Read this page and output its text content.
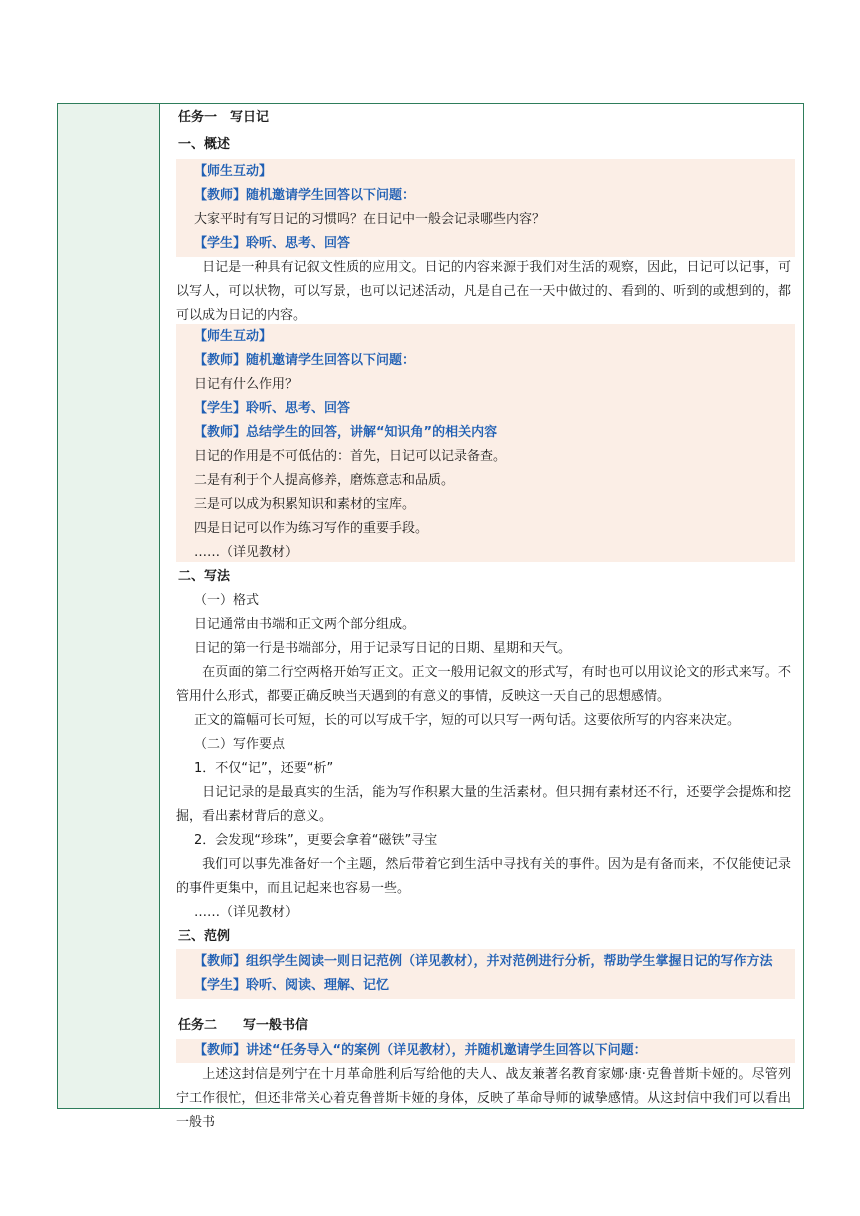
任务一　写日记
一、概述
【师生互动】
【教师】随机邀请学生回答以下问题：
大家平时有写日记的习惯吗？在日记中一般会记录哪些内容？
【学生】聆听、思考、回答
日记是一种具有记叙文性质的应用文。日记的内容来源于我们对生活的观察，因此，日记可以记事，可以写人，可以状物，可以写景，也可以记述活动，凡是自己在一天中做过的、看到的、听到的或想到的，都可以成为日记的内容。
【师生互动】
【教师】随机邀请学生回答以下问题：
日记有什么作用？
【学生】聆听、思考、回答
【教师】总结学生的回答，讲解“知识角”的相关内容
日记的作用是不可低估的：首先，日记可以记录备查。
二是有利于个人提高修养，磨炼意志和品质。
三是可以成为积累知识和素材的宝库。
四是日记可以作为练习写作的重要手段。
……（详见教材）
二、写法
（一）格式
日记通常由书端和正文两个部分组成。
日记的第一行是书端部分，用于记录写日记的日期、星期和天气。
在页面的第二行空两格开始写正文。正文一般用记叙文的形式写，有时也可以用议论文的形式来写。不管用什么形式，都要正确反映当天遇到的有意义的事情，反映这一天自己的思想感情。
正文的篇幅可长可短，长的可以写成千字，短的可以只写一两句话。这要依所写的内容来决定。
（二）写作要点
1．不仅“记”，还要“析”
日记记录的是最真实的生活，能为写作积累大量的生活素材。但只拥有素材还不行，还要学会提炼和挖掘，看出素材背后的意义。
2．会发现“珍珠”，更要会拿着“磁铁”寻宝
我们可以事先准备好一个主题，然后带着它到生活中寻找有关的事件。因为是有备而来，不仅能使记录的事件更集中，而且记起来也容易一些。
……（详见教材）
三、范例
【教师】组织学生阅读一则日记范例（详见教材），并对范例进行分析，帮助学生掌握日记的写作方法
【学生】聆听、阅读、理解、记忆
任务二　　写一般书信
【教师】讲述“任务导入“的案例（详见教材），并随机邀请学生回答以下问题：
上述这封信是列宁在十月革命胜利后写给他的夫人、战友兼著名教育家娜·康·克鲁普斯卡娅的。尽管列宁工作很忙，但还非常关心着克鲁普斯卡娅的身体，反映了革命导师的诚挚感情。从这封信中我们可以看出一般书
